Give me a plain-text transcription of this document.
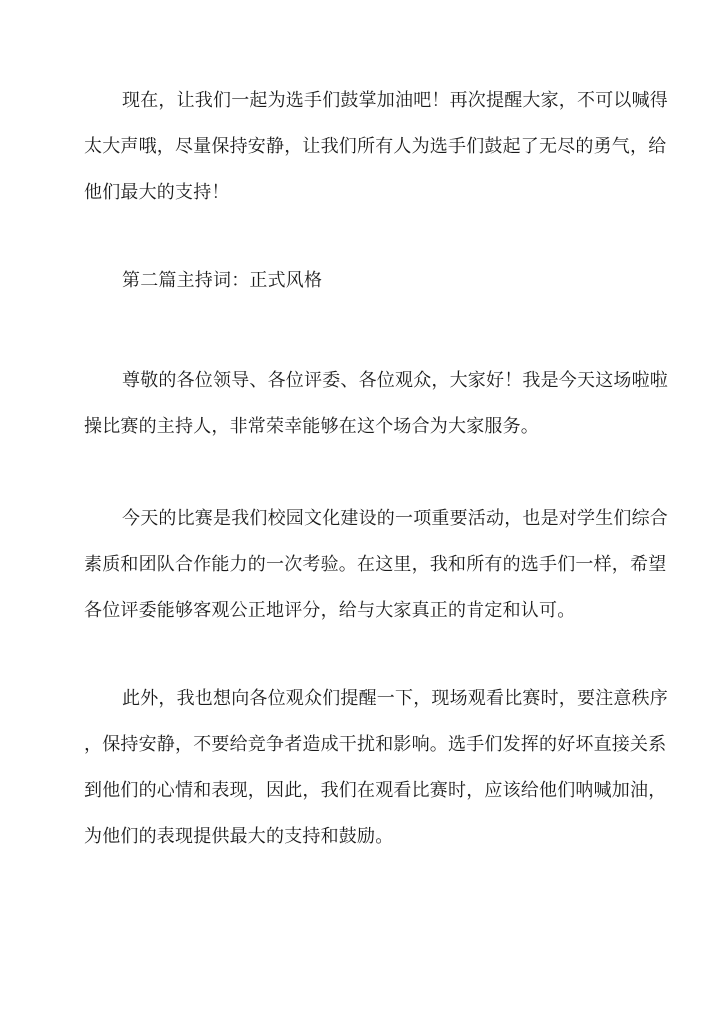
现在，让我们一起为选手们鼓掌加油吧！再次提醒大家，不可以喊得

太大声哦，尽量保持安静，让我们所有人为选手们鼓起了无尽的勇气，给

他们最大的支持！

第二篇主持词：正式风格

尊敬的各位领导、各位评委、各位观众，大家好！我是今天这场啦啦

操比赛的主持人，非常荣幸能够在这个场合为大家服务。

今天的比赛是我们校园文化建设的一项重要活动，也是对学生们综合

素质和团队合作能力的一次考验。在这里，我和所有的选手们一样，希望

各位评委能够客观公正地评分，给与大家真正的肯定和认可。

此外，我也想向各位观众们提醒一下，现场观看比赛时，要注意秩序

，保持安静，不要给竞争者造成干扰和影响。选手们发挥的好坏直接关系

到他们的心情和表现，因此，我们在观看比赛时，应该给他们呐喊加油，

为他们的表现提供最大的支持和鼓励。
